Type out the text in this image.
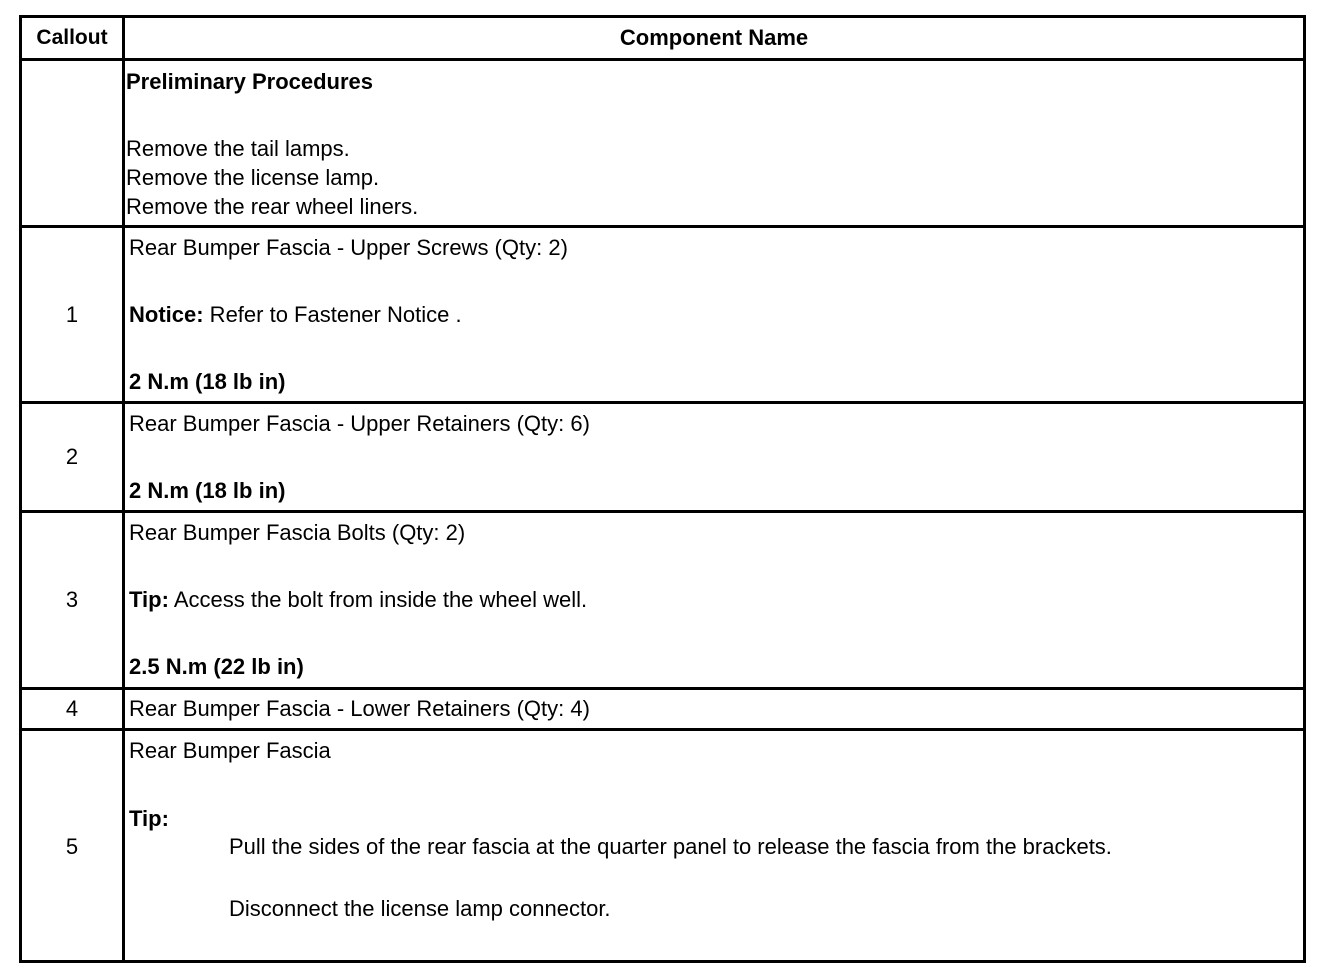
Callout	Component Name
Preliminary Procedures
Remove the tail lamps.
Remove the license lamp.
Remove the rear wheel liners.
1
Rear Bumper Fascia - Upper Screws (Qty: 2)
Notice: Refer to Fastener Notice .
2 N.m (18 lb in)
2
Rear Bumper Fascia - Upper Retainers (Qty: 6)
2 N.m (18 lb in)
3
Rear Bumper Fascia Bolts (Qty: 2)
Tip: Access the bolt from inside the wheel well.
2.5 N.m (22 lb in)
4	Rear Bumper Fascia - Lower Retainers (Qty: 4)
5
Rear Bumper Fascia
Tip:
Pull the sides of the rear fascia at the quarter panel to release the fascia from the brackets.
Disconnect the license lamp connector.
